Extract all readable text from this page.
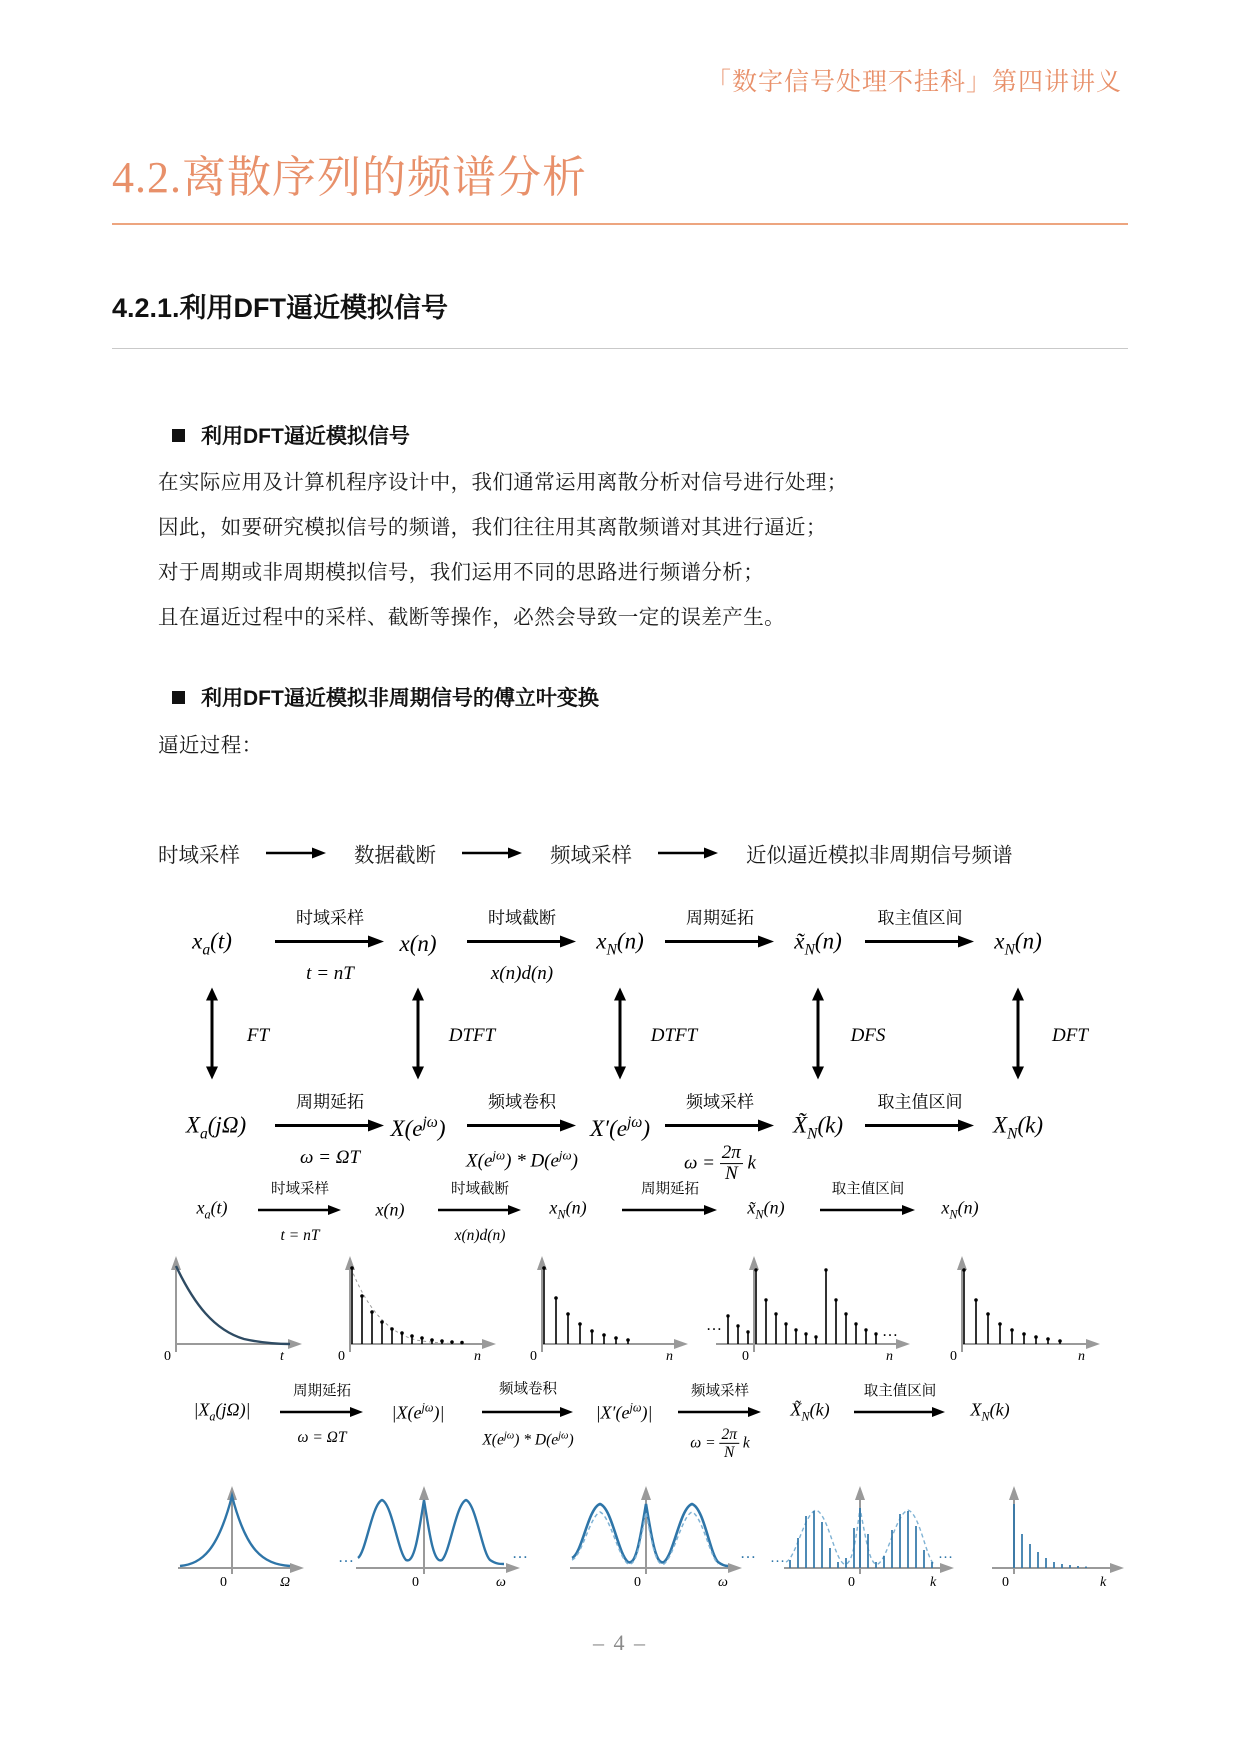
「数字信号处理不挂科」第四讲讲义
4.2.离散序列的频谱分析
4.2.1.利用DFT逼近模拟信号
利用DFT逼近模拟信号
在实际应用及计算机程序设计中，我们通常运用离散分析对信号进行处理；
因此，如要研究模拟信号的频谱，我们往往用其离散频谱对其进行逼近；
对于周期或非周期模拟信号，我们运用不同的思路进行频谱分析；
且在逼近过程中的采样、截断等操作，必然会导致一定的误差产生。
利用DFT逼近模拟非周期信号的傅立叶变换
逼近过程：
时域采样	数据截断	频域采样	近似逼近模拟非周期信号频谱
$x_a(t)$	x(n)	$x_N(n)$	$x̃_N(n)$	$x_N(n)$
时域采样
t = nT
时域截断
x(n)d(n)
周期延拓	取主值区间
FT	DTFT	DTFT	DFS	DFT
$X_a(j\Omega)$	$X(e^{j\omega})$	$X'(e^{j\omega})$	$X̃_N(k)$	$X_N(k)$
周期延拓
ω = ΩT
频域卷积
$X(e^{j\omega}) * D(e^{j\omega})$
频域采样
$\omega = \frac{2\pi}{N}$ k
取主值区间
$x_a(t)$	x(n)	$x_N(n)$	$x̃_N(n)$	$x_N(n)$
时域采样
t = nT
时域截断
x(n)d(n)
周期延拓	取主值区间
0	t	0	n	0	n
…	…
0	n	0	n
$|X_a(j\Omega)|$	$|X(e^{j\omega})|$	$|X'(e^{j\omega})|$	$X̃_N(k)$	$X_N(k)$
周期延拓
ω = ΩT
频域卷积
$X(e^{j\omega}) * D(e^{j\omega})$
频域采样
$\omega = \frac{2\pi}{N}$ k
取主值区间
0	Ω
…	…
0	ω
…
0	ω
…	…
0	k	0	k
– 4 –
